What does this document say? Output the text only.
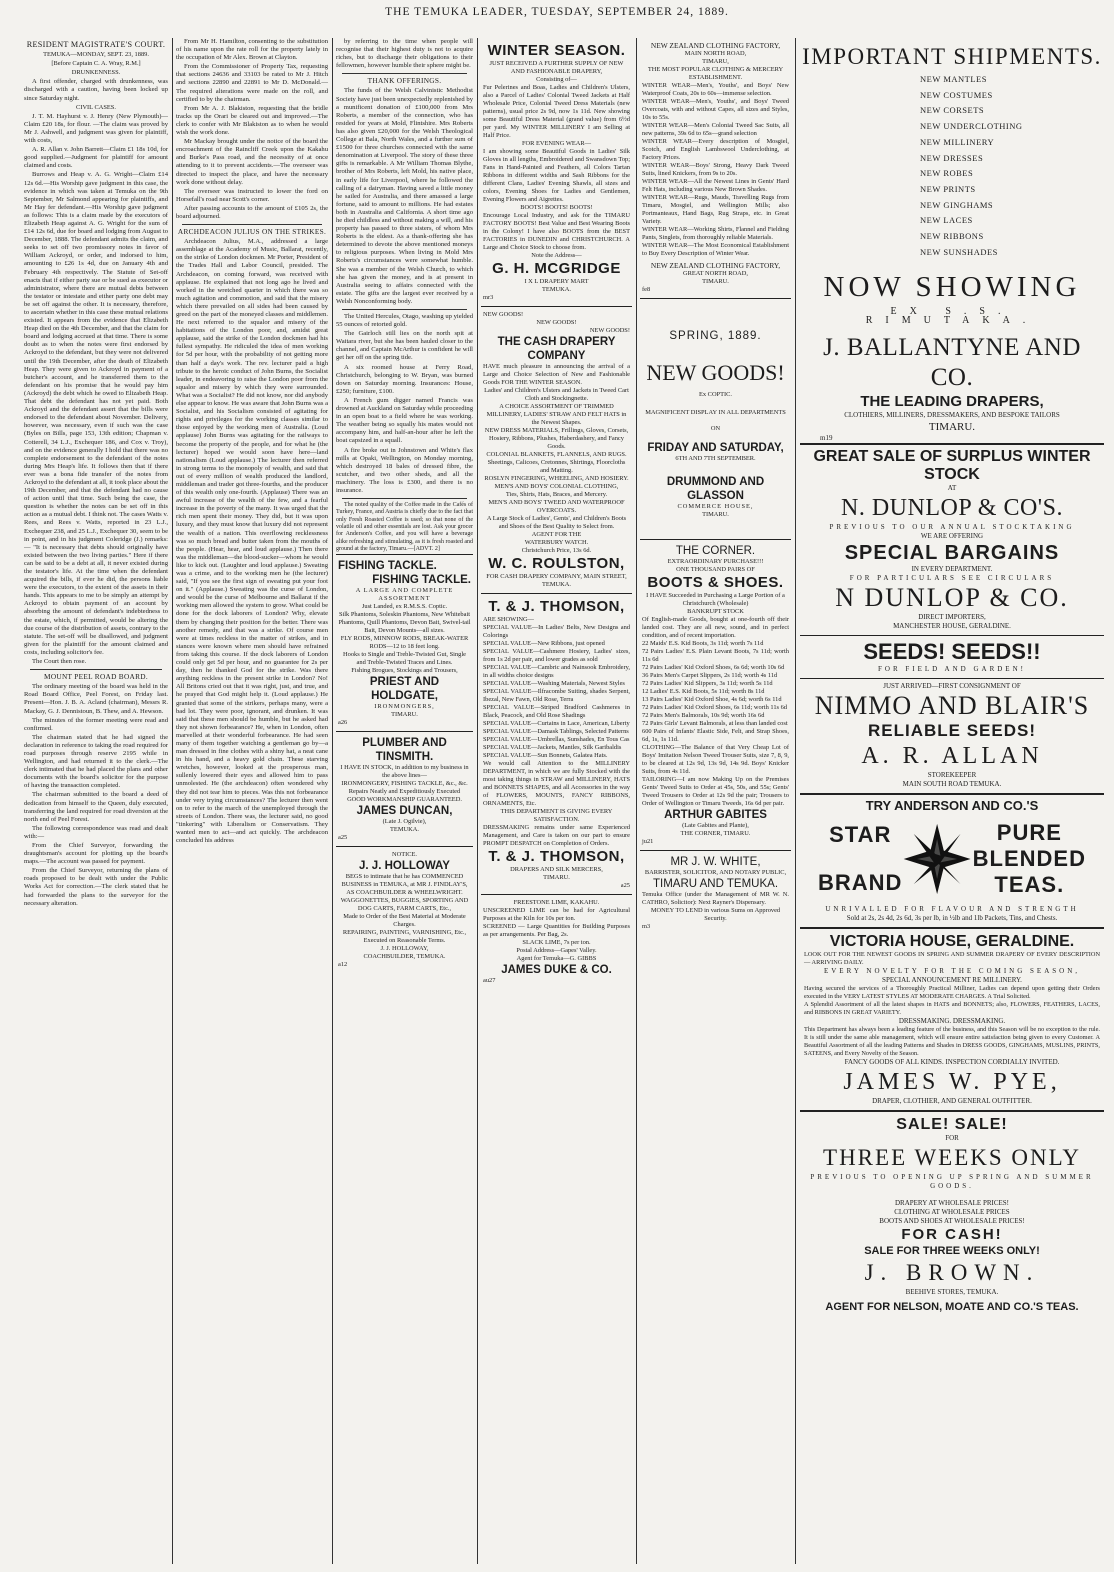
THE TEMUKA LEADER, TUESDAY, SEPTEMBER 24, 1889.
RESIDENT MAGISTRATE'S COURT.
TEMUKA—MONDAY, SEPT. 23, 1889.
[Before Captain C. A. Wray, R.M.]
DRUNKENNESS.

A first offender, charged with drunkenness, was discharged with a caution, having been locked up since Saturday night.

CIVIL CASES.

J. T. M. Hayhurst v. J. Henry (New Plymouth)—Claim £20 18s, for flour. —The claim was proved by Mr J. Ashwell, and judgment was given for plaintiff, with costs,

A. R. Allan v. John Barrett—Claim £1 18s 10d, for good supplied.—Judgment for plaintiff for amount claimed and costs.

Burrows and Heap v. A. G. Wright—Claim £14 12s 6d.—His Worship gave judgment in this case, the evidence in which was taken at Temuka on the 9th September, Mr Salmond appearing for plaintiffs, and Mr Hay fer defendant.—His Worship gave judgment as follows: This is a claim made by the executors of Elizabeth Heap against A. G. Wright for the sum of £14 12s 6d, due for board and lodging from August to December, 1888. The defendant admits the claim, and seeks to set off two promissory notes in favor of William Ackroyd, or order, and indorsed to him, amounting to £26 1s 4d, due on January 4th and February 4th respectively. The Statute of Set-off enacts that if either party sue or be sued as executor or administrator, where there are mutual debts between the testator or intestate and either party one debt may be set off against the other. It is necessary, therefore, to ascertain whether in this case these mutual relations existed. It appears from the evidence that Elizabeth Heap died on the 4th December, and that the claim for board and lodging accrued at that time. There is some doubt as to when the notes were first endorsed by Ackroyd to the defendant, but they were not delivered until the 19th December, after the death of Elizabeth Heap. They were given to Ackroyd in payment of a butcher's account, and he transferred them to the defendant on his promise that he would pay him (Ackroyd) the debt which he owed to Elizabeth Heap. That debt the defendant has not yet paid. Both Ackroyd and the defendant assert that the bills were endorsed to the defendant about November. Delivery, however, was necessary, even if such was the case (Byles on Bills, page 153, 13th edition; Chapman v. Cotterell, 34 L.J., Exchequer 186, and Cox v. Troy), and on the evidence generally I hold that there was no complete endorsement to the defendant of the notes during Mrs Heap's life. It follows then that if there ever was a bona fide transfer of the notes from Ackroyd to the defendant at all, it took place about the 19th December, and that the defendant had no cause of action until that time. Such being the case, the question is whether the notes can be set off in this action as a mutual debt. I think not. The cases Watts v. Rees, and Rees v. Watts, reported in 23 L.J., Exchequer 238, and 25 L.J., Exchequer 30, seem to be in point, and in his judgment Coleridge (J.) remarks: — "It is necessary that debts should originally have existed between the two living parties." Here if there can be said to be a debt at all, it never existed during the testator's life. At the time when the defendant acquired the bills, if ever he did, the persons liable were the executors, to the extent of the assets in their hands. This appears to me to be simply an attempt by Ackroyd to obtain payment of an account by absorbing the amount of defendant's indebtedness to the estate, which, if permitted, would be altering the due course of the distribution of assets, contrary to the statute. The set-off will be disallowed, and judgment given for the plaintiff for the amount claimed and costs, including solicitor's fee.

The Court then rose.

MOUNT PEEL ROAD BOARD.

The ordinary meeting of the board was held in the Road Board Office, Peel Forest, on Friday last. Present—Hon. J. B. A. Acland (chairman), Messrs R. Mackay, G. J. Dennistoun, B. Thew, and A. Hewson.

The minutes of the former meeting were read and confirmed.

The chairman stated that he had signed the declaration in reference to taking the road required for road purposes through reserve 2195 while in Wellington, and had returned it to the clerk.—The clerk intimated that he had placed the plans and other documents with the board's solicitor for the purpose of having the transaction completed.

The chairman submitted to the board a deed of dedication from himself to the Queen, duly executed, transferring the land required for road diversion at the north end of Peel Forest.

The following correspondence was read and dealt with:—

From the Chief Surveyor, forwarding the draughtsman's account for plotting up the board's maps.—The account was passed for payment.

From the Chief Surveyor, returning the plans of roads proposed to be dealt with under the Public Works Act for correction.—The clerk stated that he had forwarded the plans to the surveyor for the necessary alteration.

From Mr H. Hamilton, consenting to the substitution of his name upon the rate roll for the property lately in the occupation of Mr Alex. Brown at Clayton.

From the Commissioner of Property Tax, requesting that sections 24636 and 33103 be rated to Mr J. Hitch and sections 22890 and 22891 to Mr D. McDonald.—The required alterations were made on the roll, and certified to by the chairman.

From Mr A. J. Blakiston, requesting that the bridle tracks up the Orari be cleared out and improved.—The clerk to confer with Mr Blakiston as to when he would wish the work done.

Mr Mackay brought under the notice of the board the encroachment of the Raincliff Creek upon the Kakahu and Burke's Pass road, and the necessity of at once attending to it to prevent accidents.—The overseer was directed to inspect the place, and have the necessary work done without delay.

The overseer was instructed to lower the ford on Horsefall's road near Scott's corner.

After passing accounts to the amount of £105 2s, the board adjourned.

ARCHDEACON JULIUS ON THE STRIKES.

Archdeacon Julius, M.A., addressed a large assemblage at the Academy of Music, Ballarat, recently, on the strike of London dockmen. Mr Porter, President of the Trades Hall and Labor Council, presided. The Archdeacon, on coming forward, was received with applause. He explained that not long ago he lived and worked in the wretched quarter in which there was so much agitation and commotion, and said that the misery which there prevailed on all sides had been caused by greed on the part of the moneyed classes and middlemen. He next referred to the squalor and misery of the habitations of the London poor, and, amidst great applause, said the strike of the London dockmen had his fullest sympathy. He ridiculed the idea of men working for 5d per hour, with the probability of not getting more than half a day's work. The rev. lecturer paid a high tribute to the heroic conduct of John Burns, the Socialist leader, in endeavoring to raise the London poor from the squalor and misery by which they were surrounded. What was a Socialist? He did not know, nor did anybody else appear to know. He was aware that John Burns was a Socialist, and his Socialism consisted of agitating for rights and privileges for the working classes similar to those enjoyed by the working men of Australia. (Loud applause) John Burns was agitating for the railways to become the property of the people, and for what he (the lecturer) hoped we would soon have here—land nationalism (Loud applause.) The lecturer then referred in strong terms to the monopoly of wealth, and said that out of every million of wealth produced the landlord, middleman and trader got three-fourths, and the producer of this wealth only one-fourth. (Applause) There was an awful increase of the wealth of the few, and a fearful increase in the poverty of the many. It was urged that the rich men spent their money. They did, but it was upon luxury, and they must know that luxury did not represent the wealth of a nation. This overflowing recklessness was so much bread and butter taken from the mouths of the people. (Hear, hear, and loud applause.) Then there was the middleman—the blood-sucker—whom he would like to kick out. (Laughter and loud applause.) Sweating was a crime, and to the working men he (the lecturer) said, "If you see the first sign of sweating put your foot on it." (Applause.) Sweating was the curse of London, and would be the curse of Melbourne and Ballarat if the working men allowed the system to grow. What could be done for the dock laborers of London? Why, elevate them by changing their position for the better. There was another remedy, and that was a strike. Of course men were at times reckless in the matter of strikes, and in stances were known where men should have refrained from taking this course. If the dock laborers of London could only get 5d per hour, and no guarantee for 2s per day, then he thanked God for the strike. Was there anything reckless in the present strike in London? No! All Britons cried out that it was right, just, and true, and he prayed that God might help it. (Loud applause.) He granted that some of the strikers, perhaps many, were a bad lot. They were poor, ignorant, and drunken. It was said that these men should be humble, but he asked had they not shown forbearance? He, when in London, often marvelled at their wonderful forbearance. He had seen many of them together watching a gentleman go by—a man dressed in fine clothes with a shiny hat, a neat cane in his hand, and a heavy gold chain. These starving wretches, however, looked at the prosperous man, sullenly lowered their eyes and allowed him to pass unmolested. He (the archdeacon) often wondered why they did not tear him to pieces. Was this not forbearance under very trying circumstances? The lecturer then went on to refer to the march of the unemployed through the streets of London. There was, the lecturer said, no good "tinkering" with Liberalism or Conservatism. They wanted men to act—and act quickly. The archdeacon concluded his address

by referring to the time when people will recognise that their highest duty is not to acquire riches, but to discharge their obligations to their fellowmen, however humble their sphere might be.

THANK OFFERINGS.

The funds of the Welsh Calvinistic Methodist Society have just been unexpectedly replenished by a munificent donation of £100,000 from Mrs Roberts, a member of the connection, who has resided for years at Mold, Flintshire. Mrs Roberts has also given £20,000 for the Welsh Theological College at Bala, North Wales, and a further sum of £1500 for three churches connected with the same denomination at Liverpool. The story of these three gifts is remarkable. A Mr William Thomas Blythe, brother of Mrs Roberts, left Mold, his native place, in early life for Liverpool, where he followed the calling of a dairyman. Having saved a little money he sailed for Australia, and there amassed a large fortune, said to amount to millions. He had estates both in Australia and California. A short time ago he died childless and without making a will, and his property has passed to three sisters, of whom Mrs Roberts is the eldest. As a thank-offering she has determined to devote the above mentioned moneys to religious purposes. When living in Mold Mrs Roberts's circumstances were somewhat humble. She was a member of the Welsh Church, to which she has given the money, and is at present in Australia seeing to affairs connected with the estate. The gifts are the largest ever received by a Welsh Nonconforming body.

The United Hercules, Otago, washing up yielded 55 ounces of retorted gold.

The Gairloch still lies on the north spit at Waitara river, but she has been hauled closer to the channel, and Captain McArthur is confident he will get her off on the spring tide.

A six roomed house at Ferry Road, Christchurch, belonging to W. Bryan, was burned down on Saturday morning. Insurances: House, £250; furniture, £100.

A French gum digger named Francis was drowned at Auckland on Saturday while proceeding in an open boat to a field where he was working. The weather being so squally his mates would not accompany him, and half-an-hour after he left the boat capsized in a squall.

A fire broke out in Johnstown and White's flax mills at Opaki, Wellington, on Monday morning, which destroyed 18 bales of dressed fibre, the scutcher, and two other sheds, and all the machinery. The loss is £300, and there is no insurance.

The noted quality of the Coffee made in the Cafés of Turkey, France, and Austria is chiefly due to the fact that only Fresh Roasted Coffee is used; so that none of the volatile oil and other essentials are lost. Ask your grocer for Anderson's Coffee, and you will have a beverage alike refreshing and stimulating, as it is fresh roasted and ground at the factory, Timaru.—[ADVT. 2]

FISHING TACKLE.
FISHING TACKLE.
A LARGE AND COMPLETE ASSORTMENT
Just Landed, ex R.M.S.S. Coptic.
Silk Phantoms, Soleskin Phantoms, New Whitebait Phantoms, Quill Phantoms, Devon Bait, Swivel-tail Bait, Devon Mounts—all sizes.
FLY RODS, MINNOW RODS, BREAK-WATER RODS—12 to 18 feet long.
Hooks to Single and Treble-Twisted Gut, Single and Treble-Twisted Traces and Lines.
Fishing Brogues, Stockings and Trousers,
PRIEST AND HOLDGATE,
IRONMONGERS,
TIMARU.
a26
PLUMBER AND TINSMITH.
I HAVE IN STOCK, in addition to my business in the above lines—
IRONMONGERY, FISHING TACKLE, &c., &c.
Repairs Neatly and Expeditiously Executed
GOOD WORKMANSHIP GUARANTEED.
JAMES DUNCAN,
(Late J. Ogilvie),
TEMUKA.
a25
NOTICE.
J. J. HOLLOWAY
BEGS to intimate that he has COMMENCED BUSINESS in TEMUKA, at MR J. FINDLAY'S, AS COACHBUILDER & WHEELWRIGHT.
WAGGONETTES, BUGGIES, SPORTING AND DOG CARTS, FARM CARTS, Etc.,
Made to Order of the Best Material at Moderate Charges.
REPAIRING, PAINTING, VARNISHING, Etc., Executed on Reasonable Terms.
J. J. HOLLOWAY,
COACHBUILDER, TEMUKA.
a12
WINTER SEASON.
JUST RECEIVED A FURTHER SUPPLY OF NEW AND FASHIONABLE DRAPERY,
Consisting of—
Fur Pelerines and Boas, Ladies and Children's Ulsters, also a Parcel of Ladies' Colonial Tweed Jackets at Half Wholesale Price, Colonial Tweed Dress Materials (new patterns), usual price 2s 9d, now 1s 11d. New showing some Beautiful Dress Material (grand value) from 6½d per yard. My WINTER MILLINERY I am Selling at Half Price.
FOR EVENING WEAR—
I am showing some Beautiful Goods in Ladies' Silk Gloves in all lengths, Embroidered and Swansdown Top; Fans in Hand-Painted and Feathers, all Colors Tartan Ribbons in different widths and Sash Ribbons for the different Clans, Ladies' Evening Shawls, all sizes and colors, Evening Shoes for Ladies and Gentlemen, Evening Flowers and Aigrettes.
BOOTS! BOOTS! BOOTS!
Encourage Local Industry, and ask for the TIMARU FACTORY BOOTS! Best Value and Best Wearing Boots in the Colony! I have also BOOTS from the BEST FACTORIES in DUNEDIN and CHRISTCHURCH. A Large and Choice Stock to choose from.
Note the Address—
G. H. MCGRIDGE
I X L DRAPERY MART
TEMUKA.
mr3
NEW GOODS!
NEW GOODS!
NEW GOODS!
THE CASH DRAPERY COMPANY
HAVE much pleasure in announcing the arrival of a Large and Choice Selection of New and Fashionable Goods FOR THE WINTER SEASON.
Ladies' and Children's Ulsters and Jackets in Tweed Cart Cloth and Stockingnette.
A CHOICE ASSORTMENT OF TRIMMED MILLINERY, LADIES' STRAW AND FELT HATS in the Newest Shapes.
NEW DRESS MATERIALS, Frillings, Gloves, Corsets, Hosiery, Ribbons, Plushes, Haberdashery, and Fancy Goods.
COLONIAL BLANKETS, FLANNELS, AND RUGS.
Sheetings, Calicoes, Cretonnes, Shirtings, Floorcloths and Matting.
ROSLYN FINGERING, WHEELING, AND HOSIERY.
MEN'S AND BOYS' COLONIAL CLOTHING,
Ties, Shirts, Hats, Braces, and Mercery.
MEN'S AND BOYS' TWEED AND WATERPROOF OVERCOATS.
A Large Stock of Ladies', Gents', and Children's Boots and Shoes of the Best Quality to Select from.
AGENT FOR THE
WATERBURY WATCH.
Christchurch Price, 13s 6d.
W. C. ROULSTON,
FOR CASH DRAPERY COMPANY, MAIN STREET, TEMUKA.
T. & J. THOMSON,
ARE SHOWING—
SPECIAL VALUE—In Ladies' Belts, New Designs and Colorings
SPECIAL VALUE—New Ribbons, just opened
SPECIAL VALUE—Cashmere Hosiery, Ladies' sizes, from 1s 2d per pair, and lower grades as sold
SPECIAL VALUE—Cambric and Nainsook Embroidery, in all widths choice designs
SPECIAL VALUE—Washing Materials, Newest Styles
SPECIAL VALUE—Ilfracombe Suiting, shades Serpent, Ibezal, New Fawn, Old Rose, Terra
SPECIAL VALUE—Striped Bradford Cashmeres in Black, Peacock, and Old Rose Shadings
SPECIAL VALUE—Curtains in Lace, American, Liberty
SPECIAL VALUE—Damask Tablings, Selected Patterns
SPECIAL VALUE—Umbrellas, Sunshades, En Tous Cas
SPECIAL VALUE—Jackets, Mantles, Silk Garibaldis
SPECIAL VALUE—Sun Bonnets, Galatea Hats.
We would call Attention to the MILLINERY DEPARTMENT, in which we are fully Stocked with the most taking things in STRAW and MILLINERY, HATS and BONNETS SHAPES, and all Accessories in the way of FLOWERS, MOUNTS, FANCY RIBBONS, ORNAMENTS, Etc.
THIS DEPARTMENT IS GIVING EVERY SATISFACTION.
DRESSMAKING remains under same Experienced Management, and Care is taken on our part to ensure PROMPT DESPATCH on Completion of Orders.
T. & J. THOMSON,
DRAPERS AND SILK MERCERS,
TIMARU.
a25
FREESTONE LIME, KAKAHU.
UNSCREENED LIME can be had for Agricultural Purposes at the Kiln for 10s per ton.
SCREENED — Large Quantities for Building Purposes as per arrangements. Per Bag, 2s.
SLACK LIME, 7s per ton.
Postal Address—Gapes' Valley.
Agent for Temuka—G. GIBBS
JAMES DUKE & CO.
au27
NEW ZEALAND CLOTHING FACTORY,
MAIN NORTH ROAD,
TIMARU,
THE MOST POPULAR CLOTHING & MERCERY ESTABLISHMENT.
WINTER WEAR—Men's, Youths', and Boys' New Waterproof Coats, 20s to 60s—immense selection.
WINTER WEAR—Men's, Youths', and Boys' Tweed Overcoats, with and without Capes, all sizes and Styles, 10s to 55s.
WINTER WEAR—Men's Colonial Tweed Sac Suits, all new patterns, 39s 6d to 65s—grand selection
WINTER WEAR—Every description of Mosgiel, Scotch, and English Lambswool Underclothing, at Factory Prices.
WINTER WEAR—Boys' Strong, Heavy Dark Tweed Suits, lined Knickers, from 9s to 20s.
WINTER WEAR—All the Newest Lines in Gents' Hard Felt Hats, including various New Brown Shades.
WINTER WEAR—Rugs, Mauds, Travelling Rugs from Timaru, Mosgiel, and Wellington Mills; also Portmanteaux, Hand Bags, Rug Straps, etc. in Great Variety.
WINTER WEAR—Working Shirts, Flannel and Fielding Pants, Singlets, from thoroughly reliable Materials.
WINTER WEAR—The Most Economical Establishment to Buy Every Description of Winter Wear.
NEW ZEALAND CLOTHING FACTORY,
GREAT NORTH ROAD,
TIMARU.
fe8
SPRING, 1889.
NEW GOODS!
Ex COPTIC.
MAGNIFICENT DISPLAY IN ALL DEPARTMENTS
ON
FRIDAY AND SATURDAY,
6TH AND 7TH SEPTEMBER.
DRUMMOND AND GLASSON
COMMERCE HOUSE,
TIMARU.
THE CORNER.
EXTRAORDINARY PURCHASE!!!
ONE THOUSAND PAIRS OF
BOOTS & SHOES.
I HAVE Succeeded in Purchasing a Large Portion of a Christchurch (Wholesale)
BANKRUPT STOCK
Of English-made Goods, bought at one-fourth off their landed cost. They are all new, sound, and in perfect condition, and of recent importation.
22 Maids' E.S. Kid Boots, 3s 11d; worth 7s 11d
72 Pairs Ladies' E.S. Plain Levant Boots, 7s 11d; worth 11s 6d
72 Pairs Ladies' Kid Oxford Shoes, 6s 6d; worth 10s 6d
36 Pairs Men's Carpet Slippers, 2s 11d; worth 4s 11d
72 Pairs Ladies' Kid Slippers, 3s 11d; worth 5s 11d
12 Ladies' E.S. Kid Boots, 5s 11d; worth 8s 11d
13 Pairs Ladies' Kid Oxford Shoe, 4s 6d; worth 6s 11d
72 Pairs Ladies' Kid Oxford Shoes, 6s 11d; worth 11s 6d
72 Pairs Men's Balmorals, 10s 9d; worth 16s 6d
72 Pairs Girls' Levant Balmorals, at less than landed cost
600 Pairs of Infants' Elastic Side, Felt, and Strap Shoes, 6d, 1s, 1s 11d.
CLOTHING—The Balance of that Very Cheap Lot of Boys' Imitation Nelson Tweed Trouser Suits, size 7, 8, 9, to be cleared at 12s 9d, 13s 9d, 14s 9d. Boys' Knicker Suits, from 4s 11d.
TAILORING—I am now Making Up on the Premises Gents' Tweed Suits to Order at 45s, 50s, and 55s; Gents' Tweed Trousers to Order at 12s 9d the pair; Trousers to Order of Wellington or Timaru Tweeds, 16s 6d per pair.
ARTHUR GABITES
(Late Gabites and Plante),
THE CORNER, TIMARU.
ju21
MR J. W. WHITE,
BARRISTER, SOLICITOR, AND NOTARY PUBLIC,
TIMARU AND TEMUKA.
Temuka Office (under the Management of MR W. N. CATHRO, Solicitor): Next Rayner's Dispensary.
MONEY TO LEND in various Sums on Approved Security.
m3
IMPORTANT SHIPMENTS.
NEW MANTLES
NEW COSTUMES
NEW CORSETS
NEW UNDERCLOTHING
NEW MILLINERY
NEW DRESSES
NEW ROBES
NEW PRINTS
NEW GINGHAMS
NEW LACES
NEW RIBBONS
NEW SUNSHADES
NOW SHOWING
EX S.S. RIMUTAKA.
J. BALLANTYNE AND CO.
THE LEADING DRAPERS,
CLOTHIERS, MILLINERS, DRESSMAKERS, AND BESPOKE TAILORS
TIMARU.
m19
GREAT SALE OF SURPLUS WINTER STOCK
AT
N. DUNLOP & CO'S.
PREVIOUS TO OUR ANNUAL STOCKTAKING
WE ARE OFFERING
SPECIAL BARGAINS
IN EVERY DEPARTMENT.
FOR PARTICULARS SEE CIRCULARS
N DUNLOP & CO.
DIRECT IMPORTERS,
MANCHESTER HOUSE, GERALDINE.
SEEDS! SEEDS!!
FOR FIELD AND GARDEN!
JUST ARRIVED—FIRST CONSIGNMENT OF
NIMMO AND BLAIR'S
RELIABLE SEEDS!
A. R. ALLAN
STOREKEEPER
MAIN SOUTH ROAD TEMUKA.
TRY ANDERSON AND CO.'S
STAR
BRAND
PURE
BLENDED
TEAS.
UNRIVALLED FOR FLAVOUR AND STRENGTH
Sold at 2s, 2s 4d, 2s 6d, 3s per lb, in ½lb and 1lb Packets, Tins, and Chests.
VICTORIA HOUSE, GERALDINE.
LOOK OUT FOR THE NEWEST GOODS IN SPRING AND SUMMER DRAPERY OF EVERY DESCRIPTION — ARRIVING DAILY.
EVERY NOVELTY FOR THE COMING SEASON,
SPECIAL ANNOUNCEMENT RE MILLINERY.
Having secured the services of a Thoroughly Practical Milliner, Ladies can depend upon getting their Orders executed in the VERY LATEST STYLES AT MODERATE CHARGES. A Trial Solicited.
A Splendid Assortment of all the latest shapes in HATS and BONNETS; also, FLOWERS, FEATHERS, LACES, and RIBBONS IN GREAT VARIETY.
DRESSMAKING. DRESSMAKING.
This Department has always been a leading feature of the business, and this Season will be no exception to the rule. It is still under the same able management, which will ensure entire satisfaction being given to every Customer. A Beautiful Assortment of all the leading Patterns and Shades in DRESS GOODS, GINGHAMS, MUSLINS, PRINTS, SATEENS, and Every Novelty of the Season.
FANCY GOODS OF ALL KINDS. INSPECTION CORDIALLY INVITED.
JAMES W. PYE,
DRAPER, CLOTHIER, AND GENERAL OUTFITTER.
SALE! SALE!
FOR
THREE WEEKS ONLY
PREVIOUS TO OPENING UP SPRING AND SUMMER GOODS.
DRAPERY AT WHOLESALE PRICES!
CLOTHING AT WHOLESALE PRICES
BOOTS AND SHOES AT WHOLESALE PRICES!
FOR CASH!
SALE FOR THREE WEEKS ONLY!
J. BROWN.
BEEHIVE STORES, TEMUKA.
AGENT FOR NELSON, MOATE AND CO.'S TEAS.
